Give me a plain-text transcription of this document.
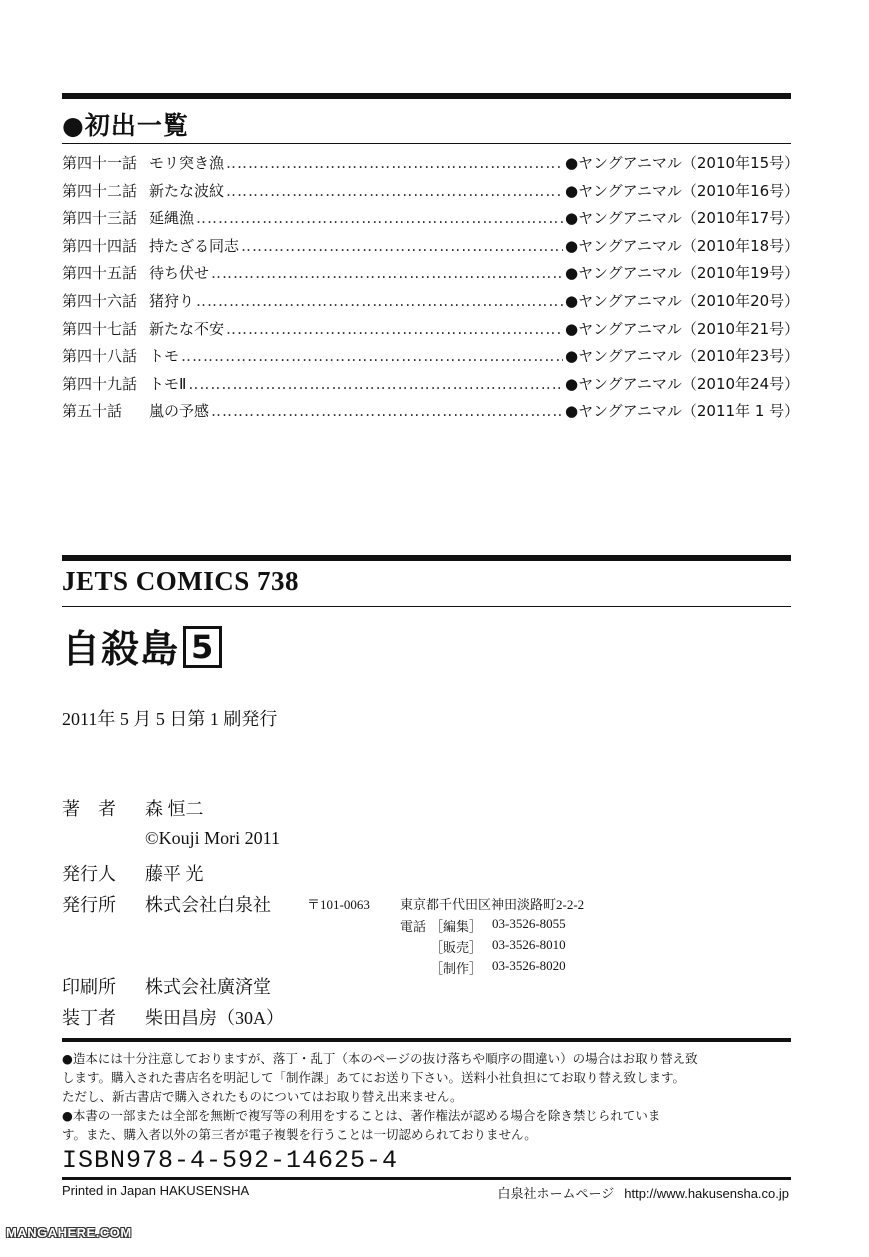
●初出一覧
第四十一話 モリ突き漁 ‥‥‥‥‥‥‥‥‥‥‥‥‥‥‥‥‥‥‥‥‥‥‥‥‥‥‥‥‥‥‥‥‥‥‥‥‥‥‥‥‥‥‥‥‥‥‥‥‥‥‥‥‥‥‥‥‥‥‥‥‥‥	●ヤングアニマル（2010年15号）
第四十二話 新たな波紋 ‥‥‥‥‥‥‥‥‥‥‥‥‥‥‥‥‥‥‥‥‥‥‥‥‥‥‥‥‥‥‥‥‥‥‥‥‥‥‥‥‥‥‥‥‥‥‥‥‥‥‥‥‥‥‥‥‥‥‥‥‥‥	●ヤングアニマル（2010年16号）
第四十三話 延縄漁 ‥‥‥‥‥‥‥‥‥‥‥‥‥‥‥‥‥‥‥‥‥‥‥‥‥‥‥‥‥‥‥‥‥‥‥‥‥‥‥‥‥‥‥‥‥‥‥‥‥‥‥‥‥‥‥‥‥‥‥‥‥‥	●ヤングアニマル（2010年17号）
第四十四話 持たざる同志 ‥‥‥‥‥‥‥‥‥‥‥‥‥‥‥‥‥‥‥‥‥‥‥‥‥‥‥‥‥‥‥‥‥‥‥‥‥‥‥‥‥‥‥‥‥‥‥‥‥‥‥‥‥‥‥‥‥‥‥‥‥‥	●ヤングアニマル（2010年18号）
第四十五話 待ち伏せ ‥‥‥‥‥‥‥‥‥‥‥‥‥‥‥‥‥‥‥‥‥‥‥‥‥‥‥‥‥‥‥‥‥‥‥‥‥‥‥‥‥‥‥‥‥‥‥‥‥‥‥‥‥‥‥‥‥‥‥‥‥‥	●ヤングアニマル（2010年19号）
第四十六話 猪狩り ‥‥‥‥‥‥‥‥‥‥‥‥‥‥‥‥‥‥‥‥‥‥‥‥‥‥‥‥‥‥‥‥‥‥‥‥‥‥‥‥‥‥‥‥‥‥‥‥‥‥‥‥‥‥‥‥‥‥‥‥‥‥	●ヤングアニマル（2010年20号）
第四十七話 新たな不安 ‥‥‥‥‥‥‥‥‥‥‥‥‥‥‥‥‥‥‥‥‥‥‥‥‥‥‥‥‥‥‥‥‥‥‥‥‥‥‥‥‥‥‥‥‥‥‥‥‥‥‥‥‥‥‥‥‥‥‥‥‥‥	●ヤングアニマル（2010年21号）
第四十八話 トモ ‥‥‥‥‥‥‥‥‥‥‥‥‥‥‥‥‥‥‥‥‥‥‥‥‥‥‥‥‥‥‥‥‥‥‥‥‥‥‥‥‥‥‥‥‥‥‥‥‥‥‥‥‥‥‥‥‥‥‥‥‥‥	●ヤングアニマル（2010年23号）
第四十九話 トモⅡ ‥‥‥‥‥‥‥‥‥‥‥‥‥‥‥‥‥‥‥‥‥‥‥‥‥‥‥‥‥‥‥‥‥‥‥‥‥‥‥‥‥‥‥‥‥‥‥‥‥‥‥‥‥‥‥‥‥‥‥‥‥‥	●ヤングアニマル（2010年24号）
第五十話	嵐の予感 ‥‥‥‥‥‥‥‥‥‥‥‥‥‥‥‥‥‥‥‥‥‥‥‥‥‥‥‥‥‥‥‥‥‥‥‥‥‥‥‥‥‥‥‥‥‥‥‥‥‥‥‥‥‥‥‥‥‥‥‥‥‥	●ヤングアニマル（2011年 1 号）
JETS COMICS 738
自殺島 5
2011年 5 月 5 日第 1 刷発行
著　者 森 恒二
©Kouji Mori 2011
発行人 藤平 光
発行所 株式会社白泉社	〒101-0063 東京都千代田区神田淡路町2-2-2
電話 ［編集］ 03-3526-8055
［販売］ 03-3526-8010
［制作］ 03-3526-8020
印刷所 株式会社廣済堂
装丁者 柴田昌房（30A）
●造本には十分注意しておりますが、落丁・乱丁（本のページの抜け落ちや順序の間違い）の場合はお取り替え致
します。購入された書店名を明記して「制作課」あてにお送り下さい。送料小社負担にてお取り替え致します。
ただし、新古書店で購入されたものについてはお取り替え出来ません。
●本書の一部または全部を無断で複写等の利用をすることは、著作権法が認める場合を除き禁じられていま
す。また、購入者以外の第三者が電子複製を行うことは一切認められておりません。
ISBN978-4-592-14625-4
Printed in Japan HAKUSENSHA	白泉社ホームページ http://www.hakusensha.co.jp
MANGAHERE.COM
